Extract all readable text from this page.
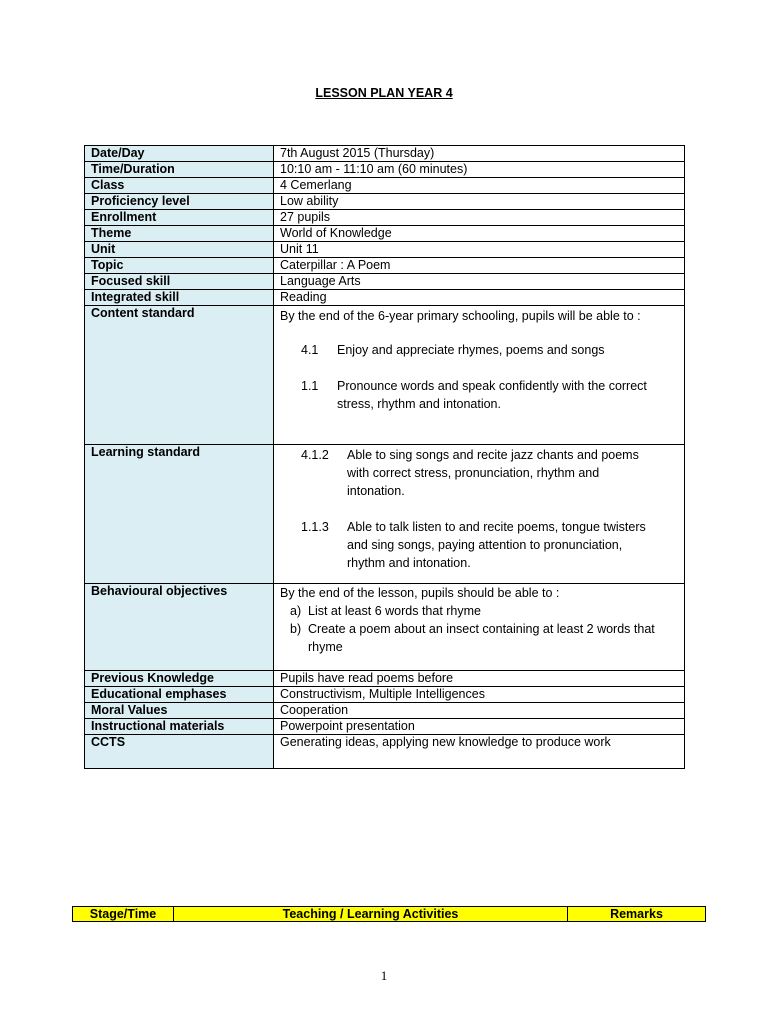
LESSON PLAN YEAR 4
Date/Day	7th August 2015 (Thursday)
Time/Duration	10:10 am - 11:10 am (60 minutes)
Class	4 Cemerlang
Proficiency level	Low ability
Enrollment	27 pupils
Theme	World of Knowledge
Unit	Unit 11
Topic	Caterpillar : A Poem
Focused skill	Language Arts
Integrated skill	Reading
Content standard	By the end of the 6-year primary schooling, pupils will be able to :

4.1 Enjoy and appreciate rhymes, poems and songs
1.1 Pronounce words and speak confidently with the correct stress, rhythm and intonation.

Learning standard	4.1.2 Able to sing songs and recite jazz chants and poems with correct stress, pronunciation, rhythm and intonation.
1.1.3 Able to talk listen to and recite poems, tongue twisters and sing songs, paying attention to pronunciation, rhythm and intonation.

Behavioural objectives	By the end of the lesson, pupils should be able to :

a) List at least 6 words that rhyme
b) Create a poem about an insect containing at least 2 words that rhyme

Previous Knowledge	Pupils have read poems before
Educational emphases	Constructivism, Multiple Intelligences
Moral Values	Cooperation
Instructional materials	Powerpoint presentation
CCTS	Generating ideas, applying new knowledge to produce work
Stage/Time	Teaching / Learning Activities	Remarks
1
